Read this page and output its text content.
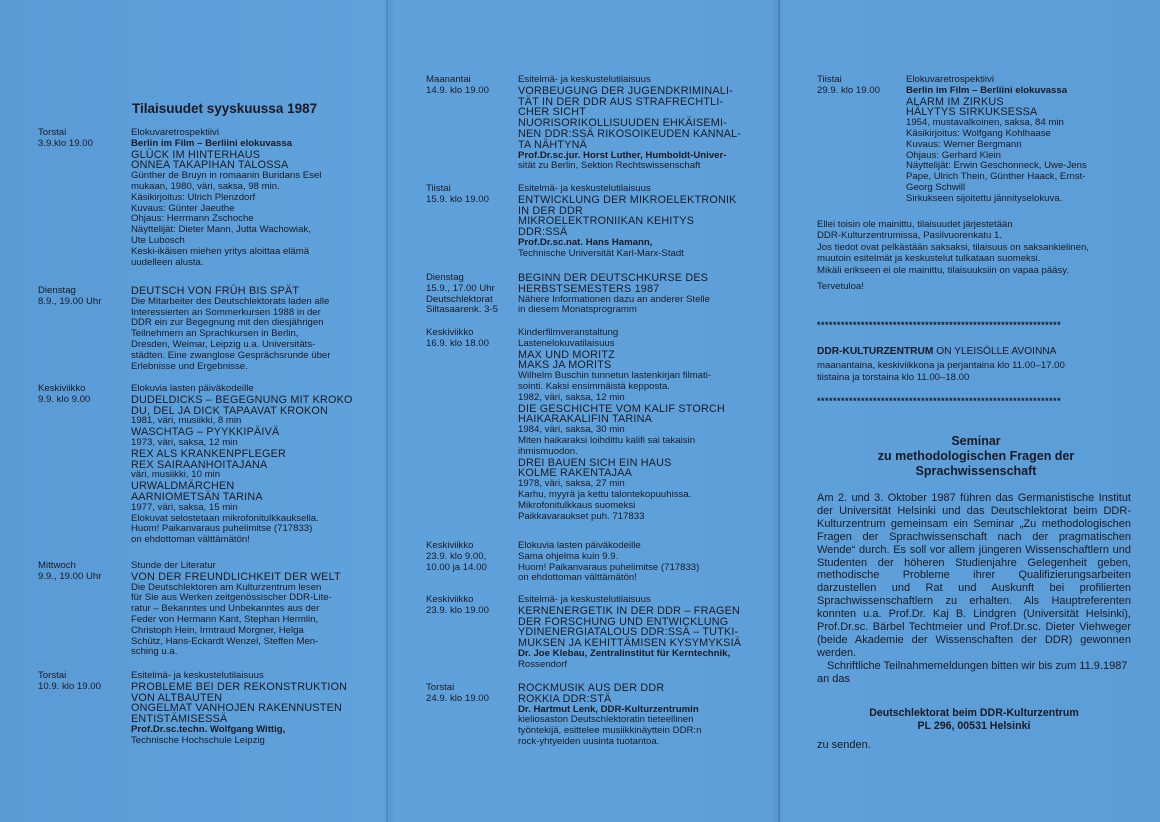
Tilaisuudet syyskuussa 1987
Torstai
3.9.klo 19.00
Elokuvaretrospektiivi
Berlin im Film – Berliini elokuvassa
GLÜCK IM HINTERHAUS
ONNEA TAKAPIHAN TALOSSA
Günther de Bruyn in romaanin Buridans Esel
mukaan, 1980, väri, saksa, 98 min.
Käsikirjoitus: Ulrich Plenzdorf
Kuvaus: Günter Jaeuthe
Ohjaus: Herrmann Zschoche
Näyttelijät: Dieter Mann, Jutta Wachowiak,
Ute Lubosch
Keski-ikäisen miehen yritys aloittaa elämä
uudelleen alusta.
Dienstag
8.9., 19.00 Uhr
DEUTSCH VON FRÜH BIS SPÄT
Die Mitarbeiter des Deutschlektorats laden alle
Interessierten an Sommerkursen 1988 in der
DDR ein zur Begegnung mit den diesjährigen
Teilnehmern an Sprachkursen in Berlin,
Dresden, Weimar, Leipzig u.a. Universitäts-
städten. Eine zwanglose Gesprächsrunde über
Erlebnisse und Ergebnisse.
Keskiviikko
9.9. klo 9.00
Elokuvia lasten päiväkodeille
DUDELDICKS – BEGEGNUNG MIT KROKO
DU, DEL JA DICK TAPAAVAT KROKON
1981, väri, musiikki, 8 min
WASCHTAG – PYYKKIPÄIVÄ
1973, väri, saksa, 12 min
REX ALS KRANKENPFLEGER
REX SAIRAANHOITAJANA
väri, musiikki, 10 min
URWALDMÄRCHEN
AARNIOMETSÄN TARINA
1977, väri, saksa, 15 min
Elokuvat selostetaan mikrofonitulkkauksella.
Huom! Paikanvaraus puhelimitse (717833)
on ehdottoman välttämätön!
Mittwoch
9.9., 19.00 Uhr
Stunde der Literatur
VON DER FREUNDLICHKEIT DER WELT
Die Deutschlektoren am Kulturzentrum lesen
für Sie aus Werken zeitgenössischer DDR-Lite-
ratur – Bekanntes und Unbekanntes aus der
Feder von Hermann Kant, Stephan Hermlin,
Christoph Hein, Irmtraud Morgner, Helga
Schütz, Hans-Eckardt Wenzel, Steffen Men-
sching u.a.
Torstai
10.9. klo 19.00
Esitelmä- ja keskustelutilaisuus
PROBLEME BEI DER REKONSTRUKTION
VON ALTBAUTEN
ONGELMAT VANHOJEN RAKENNUSTEN
ENTISTÄMISESSÄ
Prof.Dr.sc.techn. Wolfgang Wittig,
Technische Hochschule Leipzig
Maanantai
14.9. klo 19.00
Esitelmä- ja keskustelutilaisuus
VORBEUGUNG DER JUGENDKRIMINALI-
TÄT IN DER DDR AUS STRAFRECHTLI-
CHER SICHT
NUORISORIKOLLISUUDEN EHKÄISEMI-
NEN DDR:SSÄ RIKOSOIKEUDEN KANNAL-
TA NÄHTYNÄ
Prof.Dr.sc.jur. Horst Luther, Humboldt-Univer-
sität zu Berlin, Sektion Rechtswissenschaft
Tiistai
15.9. klo 19.00
Esitelmä- ja keskustelutilaisuus
ENTWICKLUNG DER MIKROELEKTRONIK
IN DER DDR
MIKROELEKTRONIIKAN KEHITYS
DDR:SSÄ
Prof.Dr.sc.nat. Hans Hamann,
Technische Universität Karl-Marx-Stadt
Dienstag
15.9., 17.00 Uhr
Deutschlektorat
Siltasaarenk. 3-5
BEGINN DER DEUTSCHKURSE DES
HERBSTSEMESTERS 1987
Nähere Informationen dazu an anderer Stelle
in diesem Monatsprogramm
Keskiviikko
16.9. klo 18.00
Kinderfilmveranstaltung
Lastenelokuvatilaisuus
MAX UND MORITZ
MAKS JA MORITS
Wilhelm Buschin tunnetun lastenkirjan filmati-
sointi. Kaksi ensimmäistä kepposta.
1982, väri, saksa, 12 min
DIE GESCHICHTE VOM KALIF STORCH
HAIKARAKALIFIN TARINA
1984, väri, saksa, 30 min
Miten haikaraksi loihdittu kalifi sai takaisin
ihmismuodon.
DREI BAUEN SICH EIN HAUS
KOLME RAKENTAJAA
1978, väri, saksa, 27 min
Karhu, myyrä ja kettu talontekopuuhissa.
Mikrofonitulkkaus suomeksi
Paikkavaraukset puh. 717833
Keskiviikko
23.9. klo 9.00,
10.00 ja 14.00
Elokuvia lasten päiväkodeille
Sama ohjelma kuin 9.9.
Huom! Paikanvaraus puhelimitse (717833)
on ehdottoman välttämätön!
Keskiviikko
23.9. klo 19.00
Esitelmä- ja keskustelutilaisuus
KERNENERGETIK IN DER DDR – FRAGEN
DER FORSCHUNG UND ENTWICKLUNG
YDINENERGIATALOUS DDR:SSÄ – TUTKI-
MUKSEN JA KEHITTÄMISEN KYSYMYKSIÄ
Dr. Joe Klebau, Zentralinstitut für Kerntechnik,
Rossendorf
Torstai
24.9. klo 19.00
ROCKMUSIK AUS DER DDR
ROKKIA DDR:STÄ
Dr. Hartmut Lenk, DDR-Kulturzentrumin
kieliosaston Deutschlektoratin tieteellinen
työntekijä, esittelee musiikkinäyttein DDR:n
rock-yhtyeiden uusinta tuotantoa.
Tiistai
29.9. klo 19.00
Elokuvaretrospektiivi
Berlin im Film – Berliini elokuvassa
ALARM IM ZIRKUS
HÄLYTYS SIRKUKSESSA
1954, mustavalkoinen, saksa, 84 min
Käsikirjoitus: Wolfgang Kohlhaase
Kuvaus: Werner Bergmann
Ohjaus: Gerhard Klein
Näyttelijät: Erwin Geschonneck, Uwe-Jens
Pape, Ulrich Thein, Günther Haack, Ernst-
Georg Schwill
Sirkukseen sijoitettu jännityselokuva.
Ellei toisin ole mainittu, tilaisuudet järjestetään
DDR-Kulturzentrumissa, Pasilvuorenkatu 1.
Jos tiedot ovat pelkästään saksaksi, tilaisuus on saksankielinen,
muutoin esitelmät ja keskustelut tulkataan suomeksi.
Mikäli erikseen ei ole mainittu, tilaisuuksiin on vapaa pääsy.
Tervetuloa!
*************************************************************
DDR-KULTURZENTRUM ON YLEISÖLLE AVOINNA
maanantaina, keskiviikkona ja perjantaina klo 11.00–17.00
tiistaina ja torstaina klo 11.00–18.00
*************************************************************
Seminar
zu methodologischen Fragen der
Sprachwissenschaft
Am 2. und 3. Oktober 1987 führen das Germanistische Institut der Universität Helsinki und das Deutschlektorat beim DDR-Kulturzentrum gemeinsam ein Seminar „Zu methodologischen Fragen der Sprachwissenschaft nach der pragmatischen Wende“ durch. Es soll vor allem jüngeren Wissenschaftlern und Studenten der höheren Studienjahre Gelegenheit geben, methodische Probleme ihrer Qualifizierungsarbeiten darzustellen und Rat und Auskunft bei profilierten Sprachwissenschaftlern zu erhalten. Als Hauptreferenten konnten u.a. Prof.Dr. Kaj B. Lindgren (Universität Helsinki), Prof.Dr.sc. Bärbel Techtmeier und Prof.Dr.sc. Dieter Viehweger (beide Akademie der Wissenschaften der DDR) gewonnen werden.
Schriftliche Teilnahmemeldungen bitten wir bis zum 11.9.1987 an das
Deutschlektorat beim DDR-Kulturzentrum
PL 296, 00531 Helsinki
zu senden.
